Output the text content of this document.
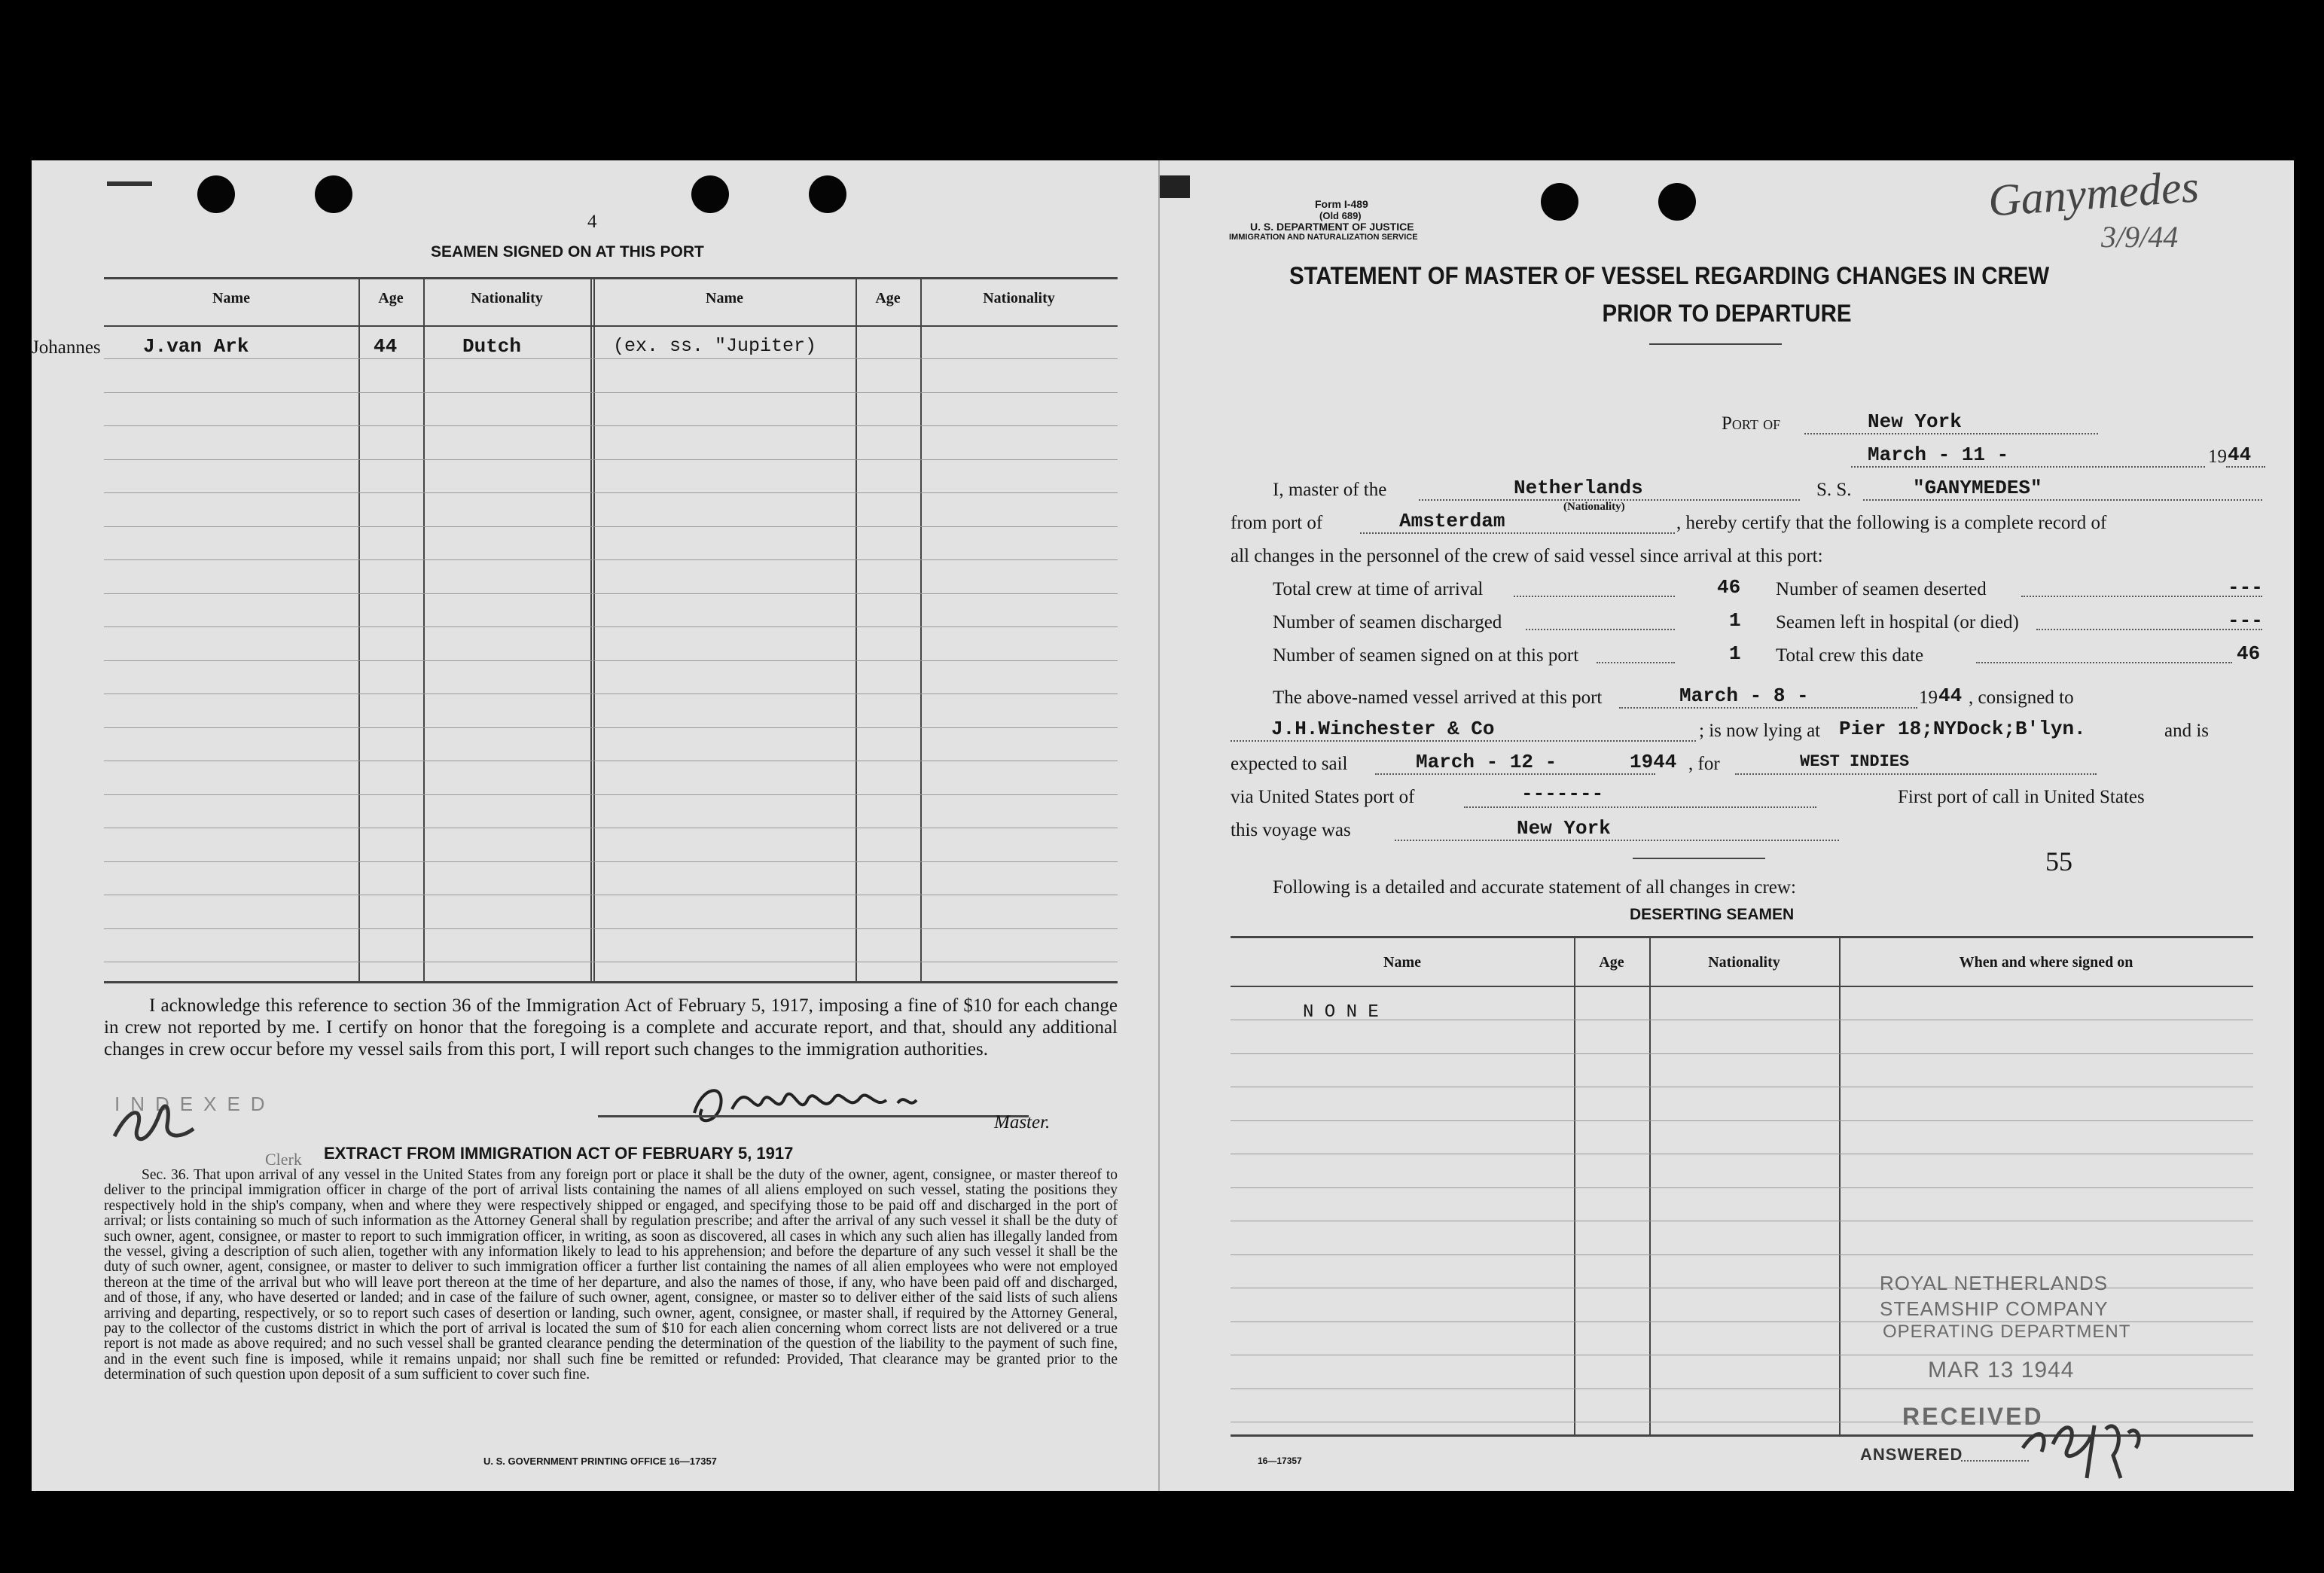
4
SEAMEN SIGNED ON AT THIS PORT
Name	Age	Nationality	Name	Age	Nationality
Johannes J.van Ark	44	Dutch	(ex. ss. "Jupiter)
I acknowledge this reference to section 36 of the Immigration Act of February 5, 1917, imposing a fine of $10 for each change in crew not reported by me. I certify on honor that the foregoing is a complete and accurate report, and that, should any additional changes in crew occur before my vessel sails from this port, I will report such changes to the immigration authorities.
Master.
INDEXED
Clerk EXTRACT FROM IMMIGRATION ACT OF FEBRUARY 5, 1917
Sec. 36. That upon arrival of any vessel in the United States from any foreign port or place it shall be the duty of the owner, agent, consignee, or master thereof to deliver to the principal immigration officer in charge of the port of arrival lists containing the names of all aliens employed on such vessel, stating the positions they respectively hold in the ship's company, when and where they were respectively shipped or engaged, and specifying those to be paid off and discharged in the port of arrival; or lists containing so much of such information as the Attorney General shall by regulation prescribe; and after the arrival of any such vessel it shall be the duty of such owner, agent, consignee, or master to report to such immigration officer, in writing, as soon as discovered, all cases in which any such alien has illegally landed from the vessel, giving a description of such alien, together with any information likely to lead to his apprehension; and before the departure of any such vessel it shall be the duty of such owner, agent, consignee, or master to deliver to such immigration officer a further list containing the names of all alien employees who were not employed thereon at the time of the arrival but who will leave port thereon at the time of her departure, and also the names of those, if any, who have been paid off and discharged, and of those, if any, who have deserted or landed; and in case of the failure of such owner, agent, consignee, or master so to deliver either of the said lists of such aliens arriving and departing, respectively, or so to report such cases of desertion or landing, such owner, agent, consignee, or master shall, if required by the Attorney General, pay to the collector of the customs district in which the port of arrival is located the sum of $10 for each alien concerning whom correct lists are not delivered or a true report is not made as above required; and no such vessel shall be granted clearance pending the determination of the question of the liability to the payment of such fine, and in the event such fine is imposed, while it remains unpaid; nor shall such fine be remitted or refunded: Provided, That clearance may be granted prior to the determination of such question upon deposit of a sum sufficient to cover such fine.
U. S. GOVERNMENT PRINTING OFFICE 16—17357
Form I-489
(Old 689)
U. S. DEPARTMENT OF JUSTICE
IMMIGRATION AND NATURALIZATION SERVICE
STATEMENT OF MASTER OF VESSEL REGARDING CHANGES IN CREW
PRIOR TO DEPARTURE
Ganymedes
3/9/44
Port of	New York
March - 11 -	19 44
I, master of the	Netherlands
(Nationality)
S. S.	"GANYMEDES"
from port of	Amsterdam	, hereby certify that the following is a complete record of
all changes in the personnel of the crew of said vessel since arrival at this port:
Total crew at time of arrival	46
Number of seamen discharged	1
Number of seamen signed on at this port	1
Number of seamen deserted	---
Seamen left in hospital (or died)	---
Total crew this date	46
The above-named vessel arrived at this port	March - 8 -	19 44 , consigned to
J.H.Winchester & Co	; is now lying at Pier 18;NYDock;B'lyn.	and is
expected to sail	March - 12 -	1944 , for	WEST INDIES
via United States port of	-------	First port of call in United States
this voyage was	New York
55
Following is a detailed and accurate statement of all changes in crew:
DESERTING SEAMEN
Name	Age	Nationality	When and where signed on
N O N E
ROYAL NETHERLANDS
STEAMSHIP COMPANY
OPERATING DEPARTMENT
MAR 13 1944
RECEIVED
ANSWERED
16—17357
